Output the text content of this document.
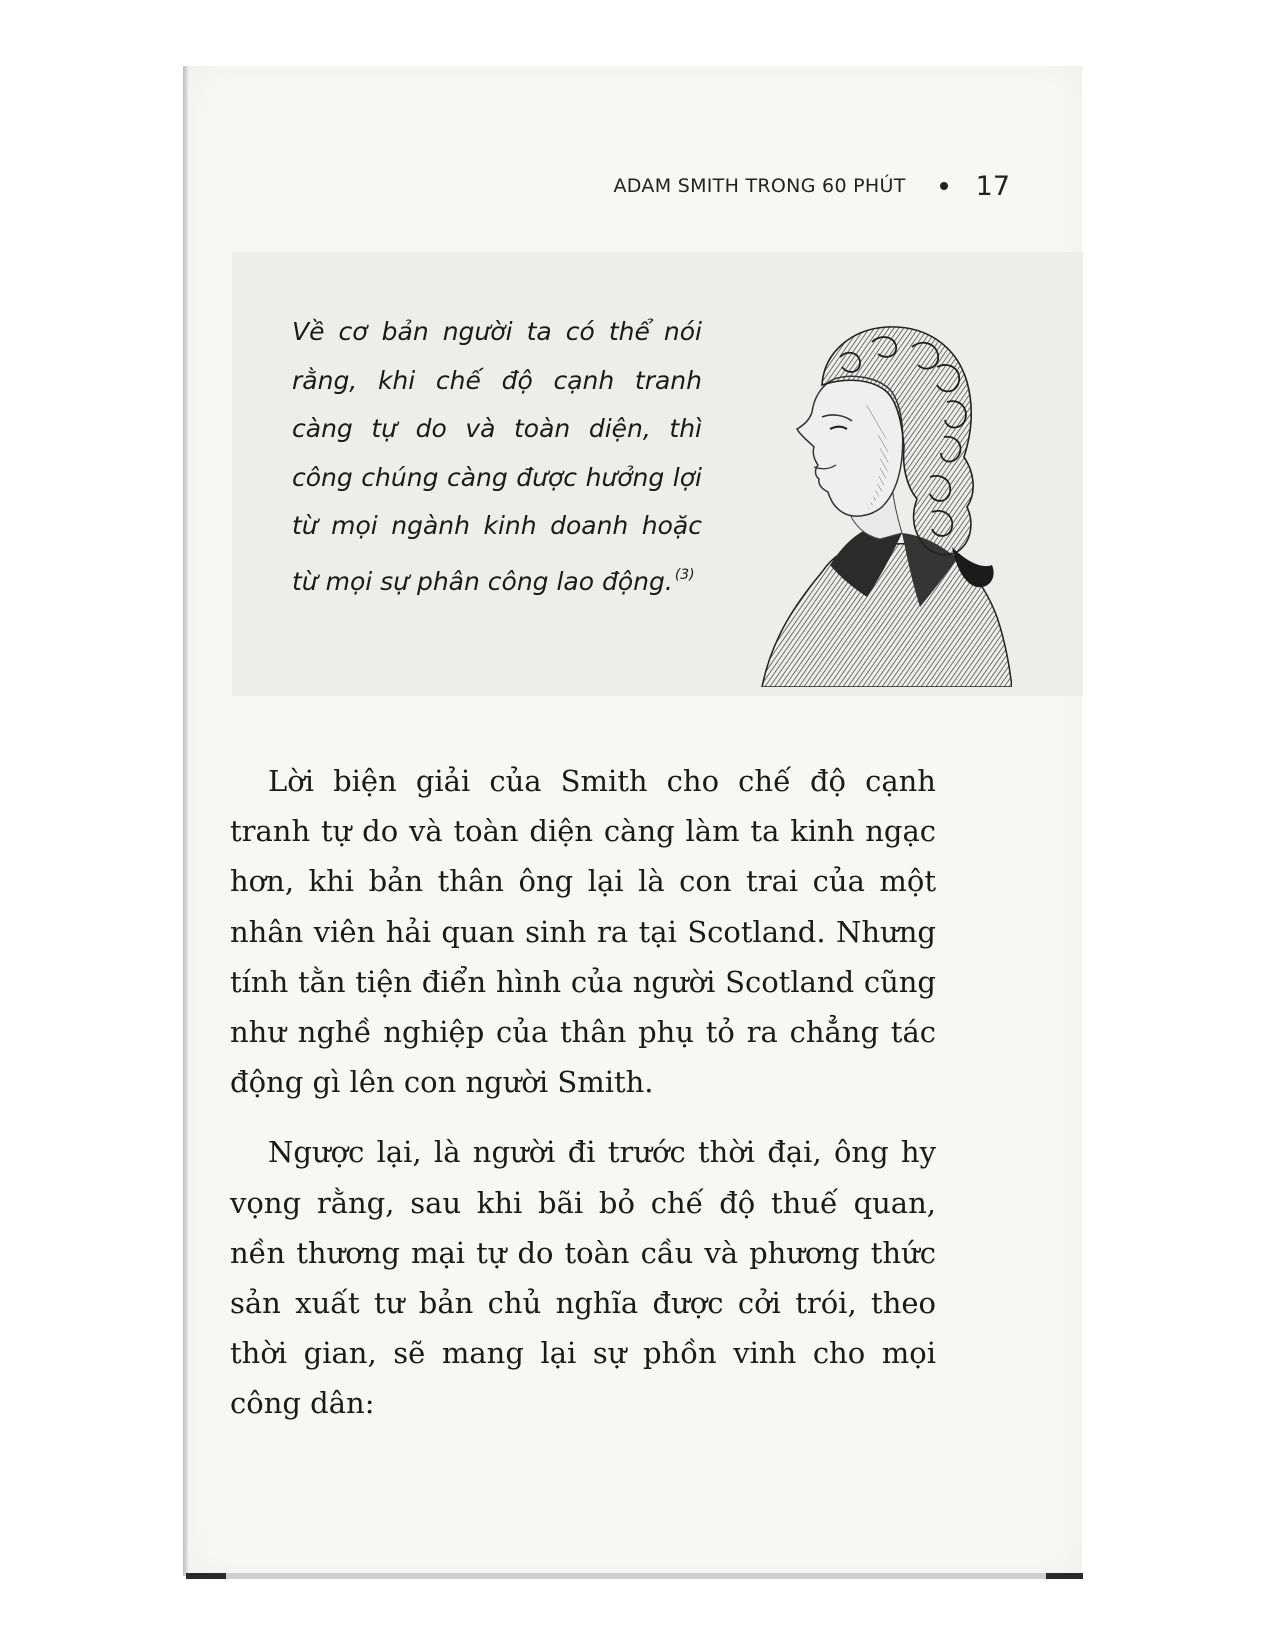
ADAM SMITH TRONG 60 PHÚT	17

Về cơ bản người ta có thể nói rằng, khi chế độ cạnh tranh càng tự do và toàn diện, thì công chúng càng được hưởng lợi từ mọi ngành kinh doanh hoặc từ mọi sự phân công lao động. $^{(3)}$

Lời biện giải của Smith cho chế độ cạnh tranh tự do và toàn diện càng làm ta kinh ngạc hơn, khi bản thân ông lại là con trai của một nhân viên hải quan sinh ra tại Scotland. Nhưng tính tằn tiện điển hình của người Scotland cũng như nghề nghiệp của thân phụ tỏ ra chẳng tác động gì lên con người Smith.

Ngược lại, là người đi trước thời đại, ông hy vọng rằng, sau khi bãi bỏ chế độ thuế quan, nền thương mại tự do toàn cầu và phương thức sản xuất tư bản chủ nghĩa được cởi trói, theo thời gian, sẽ mang lại sự phồn vinh cho mọi công dân:
